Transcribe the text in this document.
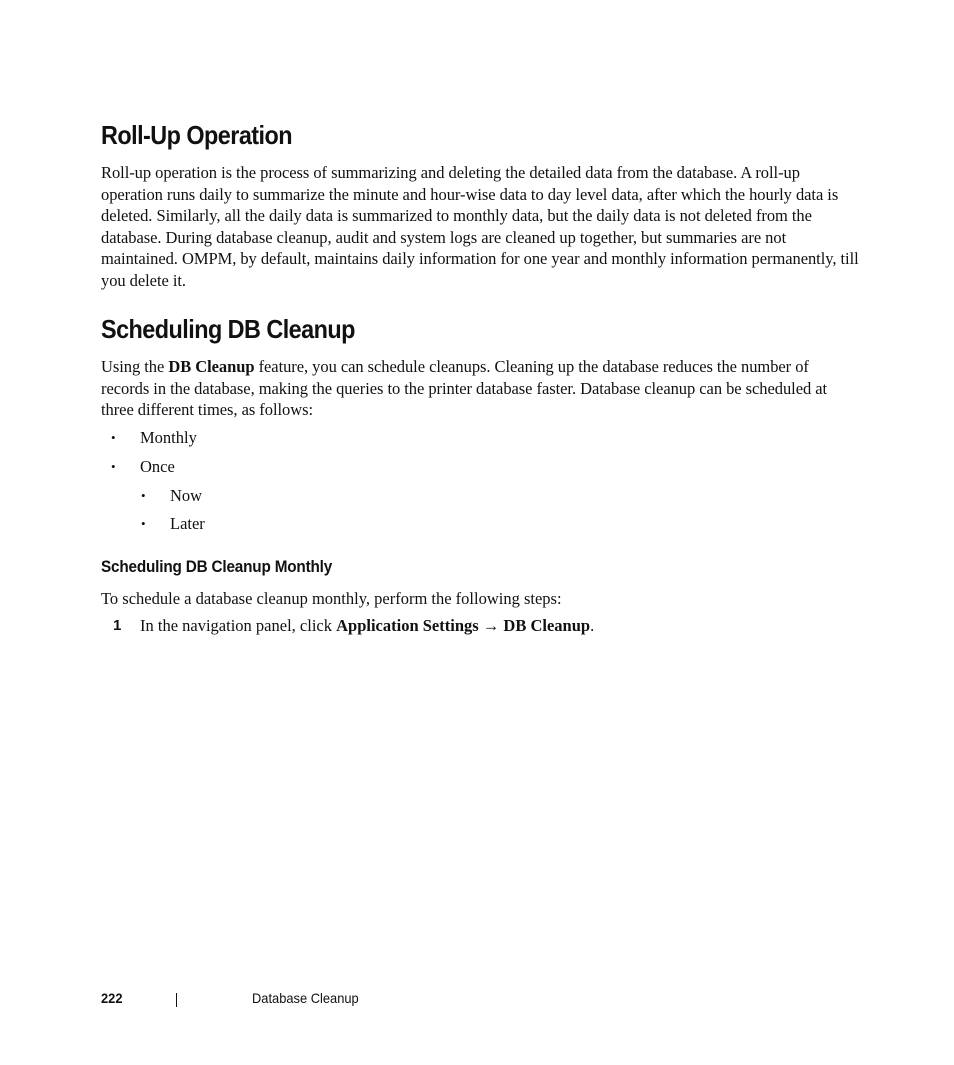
Roll-Up Operation

Roll-up operation is the process of summarizing and deleting the detailed data from the database. A roll-up operation runs daily to summarize the minute and hour-wise data to day level data, after which the hourly data is deleted. Similarly, all the daily data is summarized to monthly data, but the daily data is not deleted from the database. During database cleanup, audit and system logs are cleaned up together, but summaries are not maintained. OMPM, by default, maintains daily information for one year and monthly information permanently, till you delete it.

Scheduling DB Cleanup

Using the DB Cleanup feature, you can schedule cleanups. Cleaning up the database reduces the number of records in the database, making the queries to the printer database faster. Database cleanup can be scheduled at three different times, as follows:

• Monthly
• Once
• Now
• Later
Scheduling DB Cleanup Monthly

To schedule a database cleanup monthly, perform the following steps:

1 In the navigation panel, click Application Settings → DB Cleanup.
222	Database Cleanup
